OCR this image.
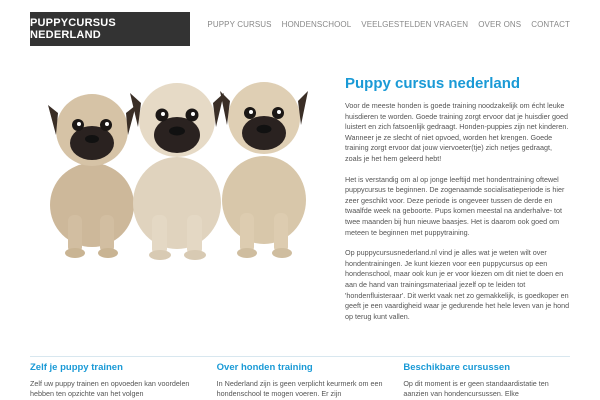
PUPPYCURSUS NEDERLAND
PUPPY CURSUS HONDENSCHOOL VEELGESTELDEN VRAGEN OVER ONS CONTACT
Puppy cursus nederland

Voor de meeste honden is goede training noodzakelijk om écht leuke huisdieren te worden. Goede training zorgt ervoor dat je huisdier goed luistert en zich fatsoenlijk gedraagt. Honden-puppies zijn net kinderen. Wanneer je ze slecht of niet opvoed, worden het krengen. Goede training zorgt ervoor dat jouw viervoeter(tje) zich netjes gedraagt, zoals je het hem geleerd hebt!

Het is verstandig om al op jonge leeftijd met hondentraining oftewel puppycursus te beginnen. De zogenaamde socialisatieperiode is hier zeer geschikt voor. Deze periode is ongeveer tussen de derde en twaalfde week na geboorte. Pups komen meestal na anderhalve- tot twee maanden bij hun nieuwe baasjes. Het is daarom ook goed om meteen te beginnen met puppytraining.

Op puppycursusnederland.nl vind je alles wat je weten wilt over hondentrainingen. Je kunt kiezen voor een puppycursus op een hondenschool, maar ook kun je er voor kiezen om dit niet te doen en aan de hand van trainingsmateriaal jezelf op te leiden tot 'hondenfluisteraar'. Dit werkt vaak net zo gemakkelijk, is goedkoper en geeft je een vaardigheid waar je gedurende het hele leven van je hond op terug kunt vallen.

Zelf je puppy trainen

Zelf uw puppy trainen en opvoeden kan voordelen hebben ten opzichte van het volgen

Over honden training

In Nederland zijn is geen verplicht keurmerk om een hondenschool te mogen voeren. Er zijn

Beschikbare cursussen

Op dit moment is er geen standaardistatie ten aanzien van hondencursussen. Elke
